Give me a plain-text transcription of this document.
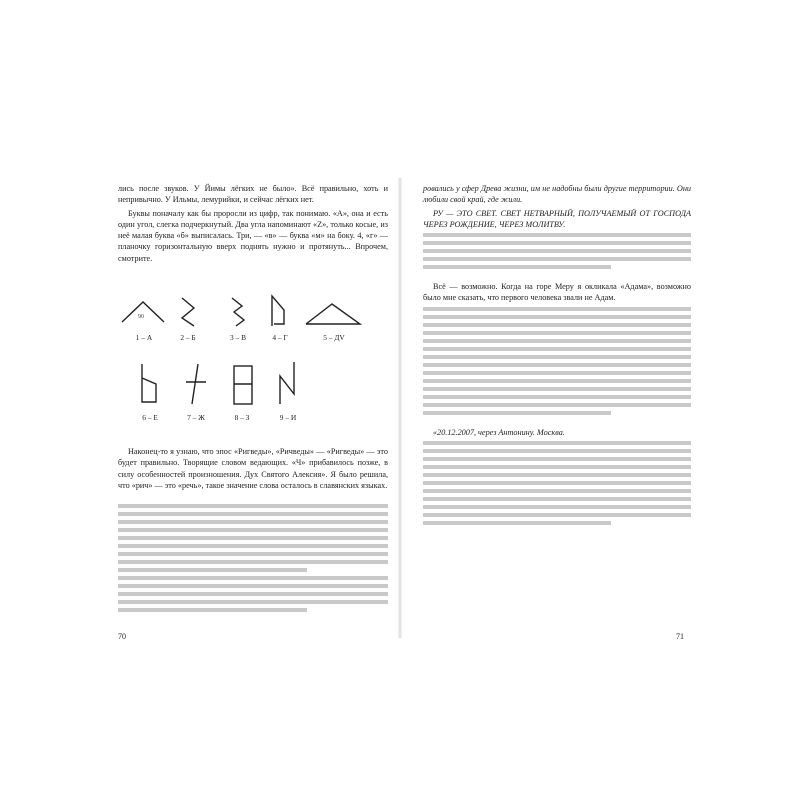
лись после звуков. У Йимы лёгких не было». Всё правильно, хоть и непривычно. У Ильмы, лемурийки, и сейчас лёгких нет.

Буквы поначалу как бы проросли из цифр, так понимаю. «А», она и есть один угол, слегка подчеркнутый. Два угла напоминают «Z», только косые, из неё малая буква «б» выписалась. Три, — «в» — буква «м» на боку. 4, «г» — планочку горизонтальную вверх поднять нужно и протянуть... Впрочем, смотрите.

90
1 – А	2 – Б	3 – В	4 – Г	5 – ДV
6 – Е	7 – Ж	8 – З	9 – И

Наконец-то я узнаю, что эпос «Ригведы», «Ричведы» — «Ригведы» — это будет правильно. Творящие словом ведающих. «Ч» прибавилось позже, в силу особенностей произношения. Дух Святого Алексия». Я было решила, что «рич» — это «речь», такое значение слова осталось в славянских языках.

ровались у сфер Древа жизни, им не надобны были другие территории. Они любили свой край, где жили.

РУ — ЭТО СВЕТ. СВЕТ НЕТВАРНЫЙ, ПОЛУЧАЕМЫЙ ОТ ГОСПОДА ЧЕРЕЗ РОЖДЕНИЕ, ЧЕРЕЗ МОЛИТВУ.

Всё — возможно. Когда на горе Меру я окликала «Адама», возможно было мне сказать, что первого человека звали не Адам.

«20.12.2007, через Антонину. Москва.

70	71
